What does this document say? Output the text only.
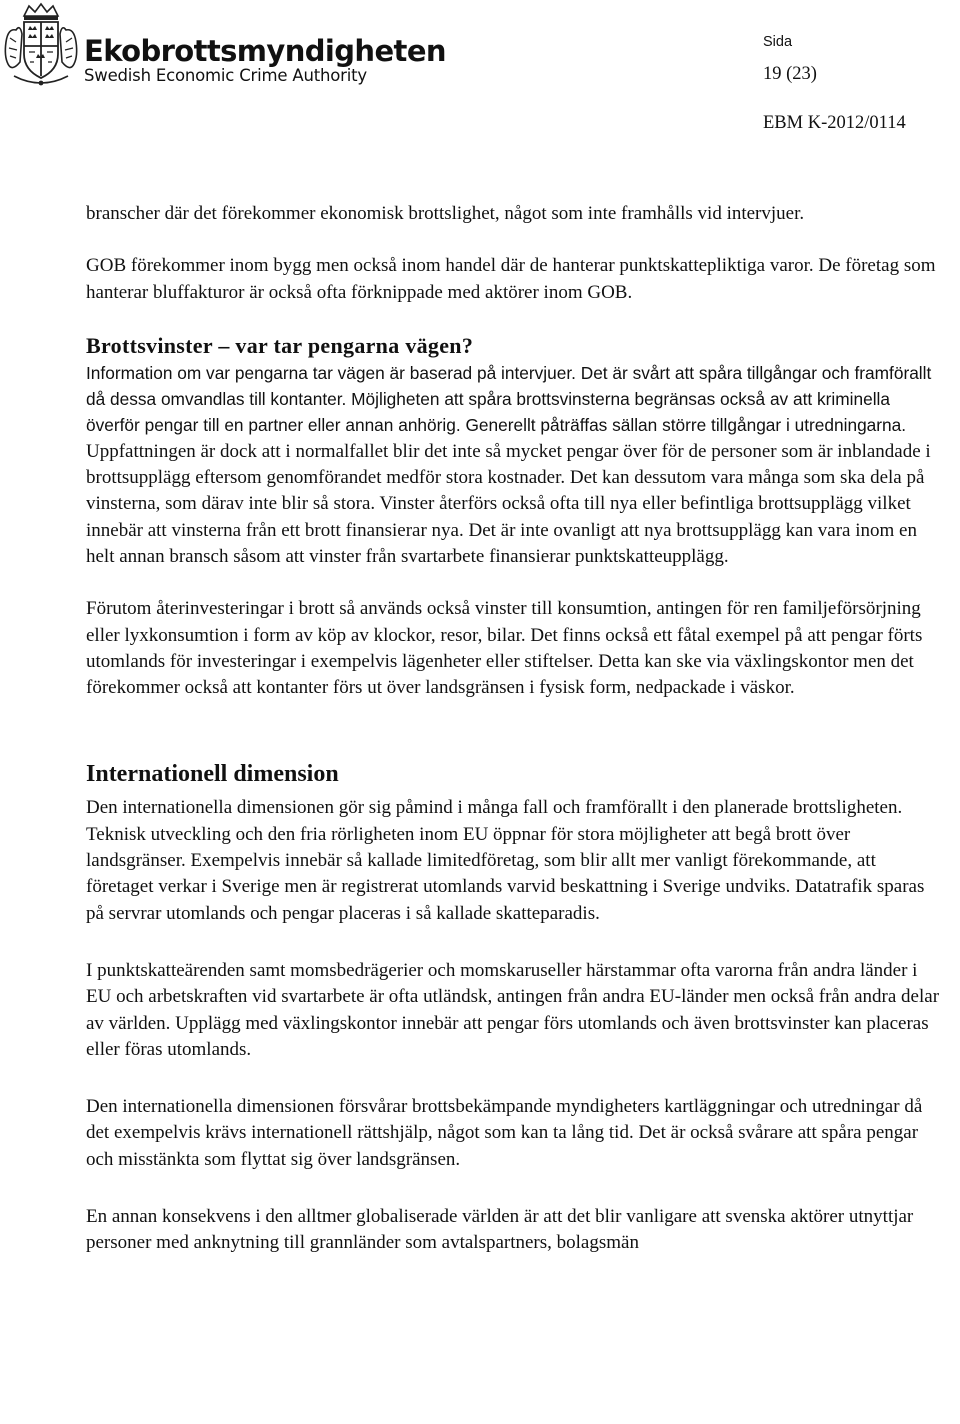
Ekobrottsmyndigheten
Swedish Economic Crime Authority
Sida
19 (23)
EBM K-2012/0114

branscher där det förekommer ekonomisk brottslighet, något som inte framhålls vid intervjuer.

GOB förekommer inom bygg men också inom handel där de hanterar punktskattepliktiga varor. De företag som hanterar bluffakturor är också ofta förknippade med aktörer inom GOB.

Brottsvinster – var tar pengarna vägen?

Information om var pengarna tar vägen är baserad på intervjuer. Det är svårt att spåra tillgångar och framförallt då dessa omvandlas till kontanter. Möjligheten att spåra brottsvinsterna begränsas också av att kriminella överför pengar till en partner eller annan anhörig. Generellt påträffas sällan större tillgångar i utredningarna.

Uppfattningen är dock att i normalfallet blir det inte så mycket pengar över för de personer som är inblandade i brottsupplägg eftersom genomförandet medför stora kostnader. Det kan dessutom vara många som ska dela på vinsterna, som därav inte blir så stora. Vinster återförs också ofta till nya eller befintliga brottsupplägg vilket innebär att vinsterna från ett brott finansierar nya. Det är inte ovanligt att nya brottsupplägg kan vara inom en helt annan bransch såsom att vinster från svartarbete finansierar punktskatteupplägg.

Förutom återinvesteringar i brott så används också vinster till konsumtion, antingen för ren familjeförsörjning eller lyxkonsumtion i form av köp av klockor, resor, bilar. Det finns också ett fåtal exempel på att pengar förts utomlands för investeringar i exempelvis lägenheter eller stiftelser. Detta kan ske via växlingskontor men det förekommer också att kontanter förs ut över landsgränsen i fysisk form, nedpackade i väskor.

Internationell dimension

Den internationella dimensionen gör sig påmind i många fall och framförallt i den planerade brottsligheten. Teknisk utveckling och den fria rörligheten inom EU öppnar för stora möjligheter att begå brott över landsgränser. Exempelvis innebär så kallade limitedföretag, som blir allt mer vanligt förekommande, att företaget verkar i Sverige men är registrerat utomlands varvid beskattning i Sverige undviks. Datatrafik sparas på servrar utomlands och pengar placeras i så kallade skatteparadis.

I punktskatteärenden samt momsbedrägerier och momskaruseller härstammar ofta varorna från andra länder i EU och arbetskraften vid svartarbete är ofta utländsk, antingen från andra EU-länder men också från andra delar av världen. Upplägg med växlingskontor innebär att pengar förs utomlands och även brottsvinster kan placeras eller föras utomlands.

Den internationella dimensionen försvårar brottsbekämpande myndigheters kartläggningar och utredningar då det exempelvis krävs internationell rättshjälp, något som kan ta lång tid. Det är också svårare att spåra pengar och misstänkta som flyttat sig över landsgränsen.

En annan konsekvens i den alltmer globaliserade världen är att det blir vanligare att svenska aktörer utnyttjar personer med anknytning till grannländer som avtalspartners, bolagsmän
